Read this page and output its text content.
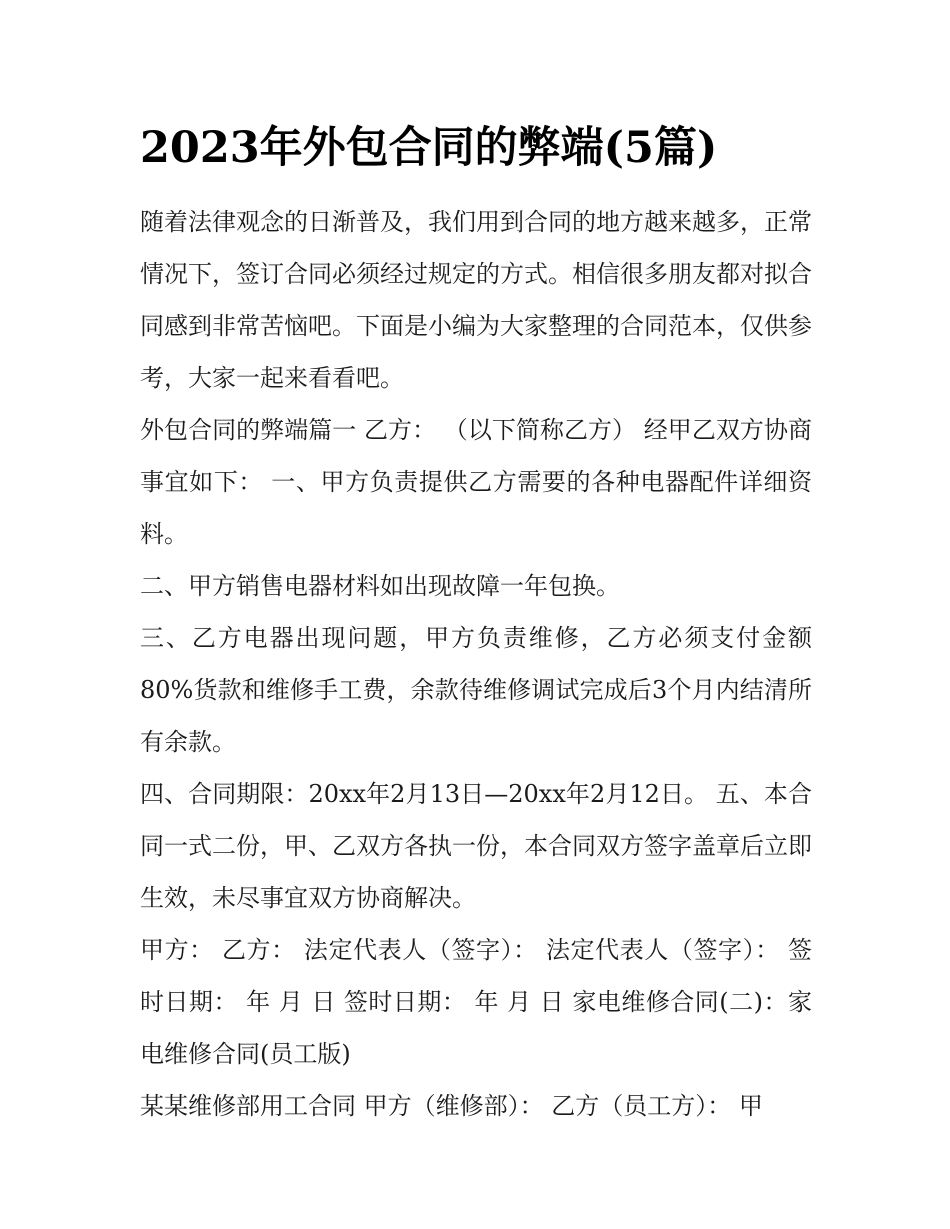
2023年外包合同的弊端(5篇)

随着法律观念的日渐普及，我们用到合同的地方越来越多，正常情况下，签订合同必须经过规定的方式。相信很多朋友都对拟合同感到非常苦恼吧。下面是小编为大家整理的合同范本，仅供参考，大家一起来看看吧。

外包合同的弊端篇一 乙方： （以下简称乙方） 经甲乙双方协商事宜如下： 一、甲方负责提供乙方需要的各种电器配件详细资料。

二、甲方销售电器材料如出现故障一年包换。

三、乙方电器出现问题，甲方负责维修，乙方必须支付金额80%货款和维修手工费，余款待维修调试完成后3个月内结清所有余款。

四、合同期限：20xx年2月13日—20xx年2月12日。 五、本合同一式二份，甲、乙双方各执一份，本合同双方签字盖章后立即生效，未尽事宜双方协商解决。

甲方： 乙方： 法定代表人（签字）： 法定代表人（签字）： 签时日期： 年 月 日 签时日期： 年 月 日 家电维修合同(二)：家电维修合同(员工版)

某某维修部用工合同 甲方（维修部）： 乙方（员工方）： 甲
